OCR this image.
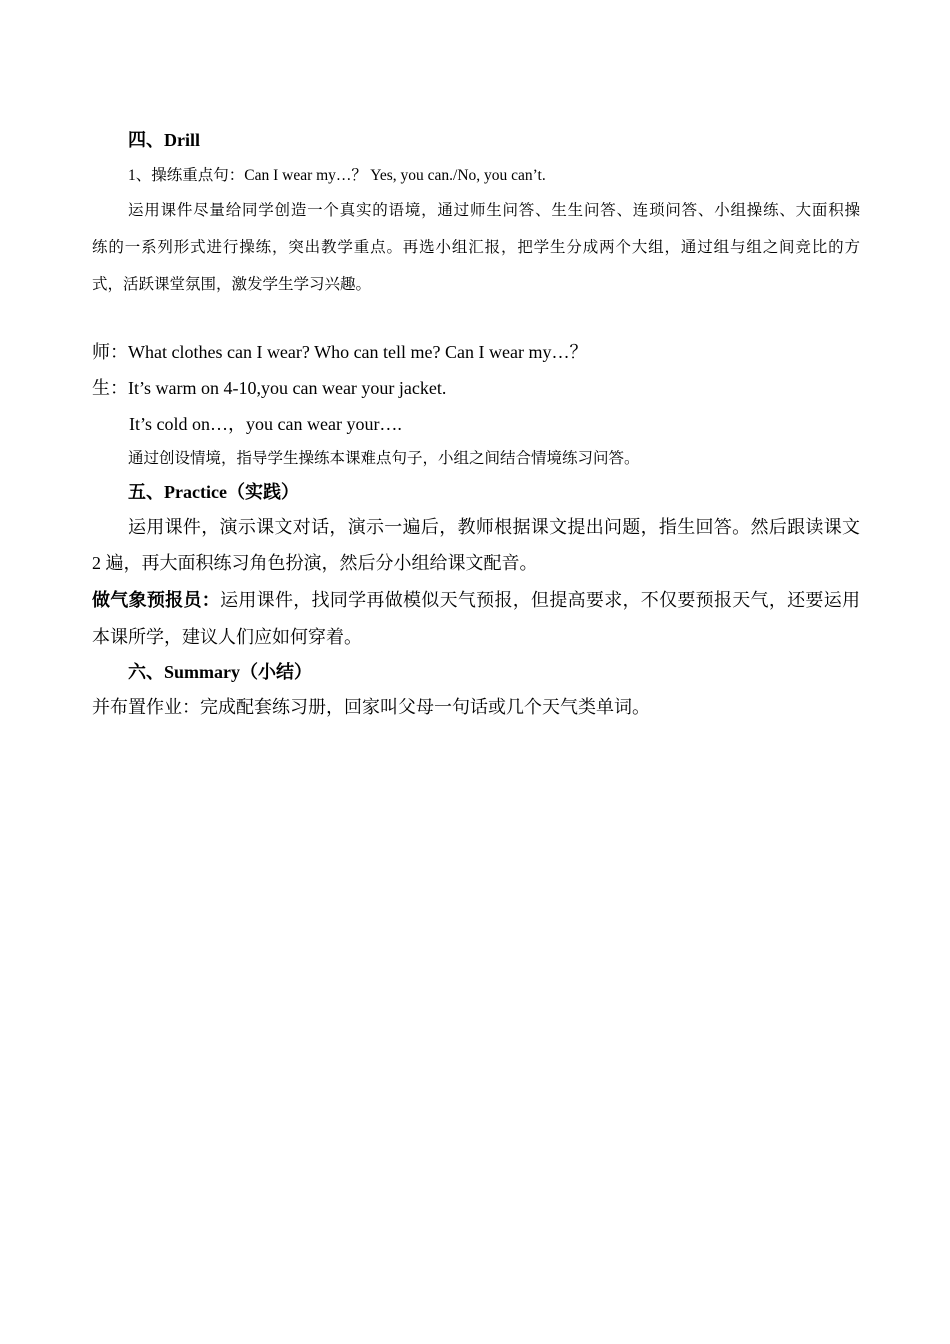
四、Drill
1、操练重点句：Can I wear my…？ Yes, you can./No, you can’t.
运用课件尽量给同学创造一个真实的语境，通过师生问答、生生问答、连琐问答、小组操练、大面积操
练的一系列形式进行操练，突出教学重点。再选小组汇报，把学生分成两个大组，通过组与组之间竞比的方
式，活跃课堂氛围，激发学生学习兴趣。
师：What clothes can I wear? Who can tell me? Can I wear my…？
生：It’s warm on 4-10,you can wear your jacket.
It’s cold on…，you can wear your….
通过创设情境，指导学生操练本课难点句子，小组之间结合情境练习问答。
五、Practice（实践）
运用课件，演示课文对话，演示一遍后，教师根据课文提出问题，指生回答。然后跟读课文
2 遍，再大面积练习角色扮演，然后分小组给课文配音。
做气象预报员：运用课件，找同学再做模似天气预报，但提高要求，不仅要预报天气，还要运用
本课所学，建议人们应如何穿着。
六、Summary（小结）
并布置作业：完成配套练习册，回家叫父母一句话或几个天气类单词。
